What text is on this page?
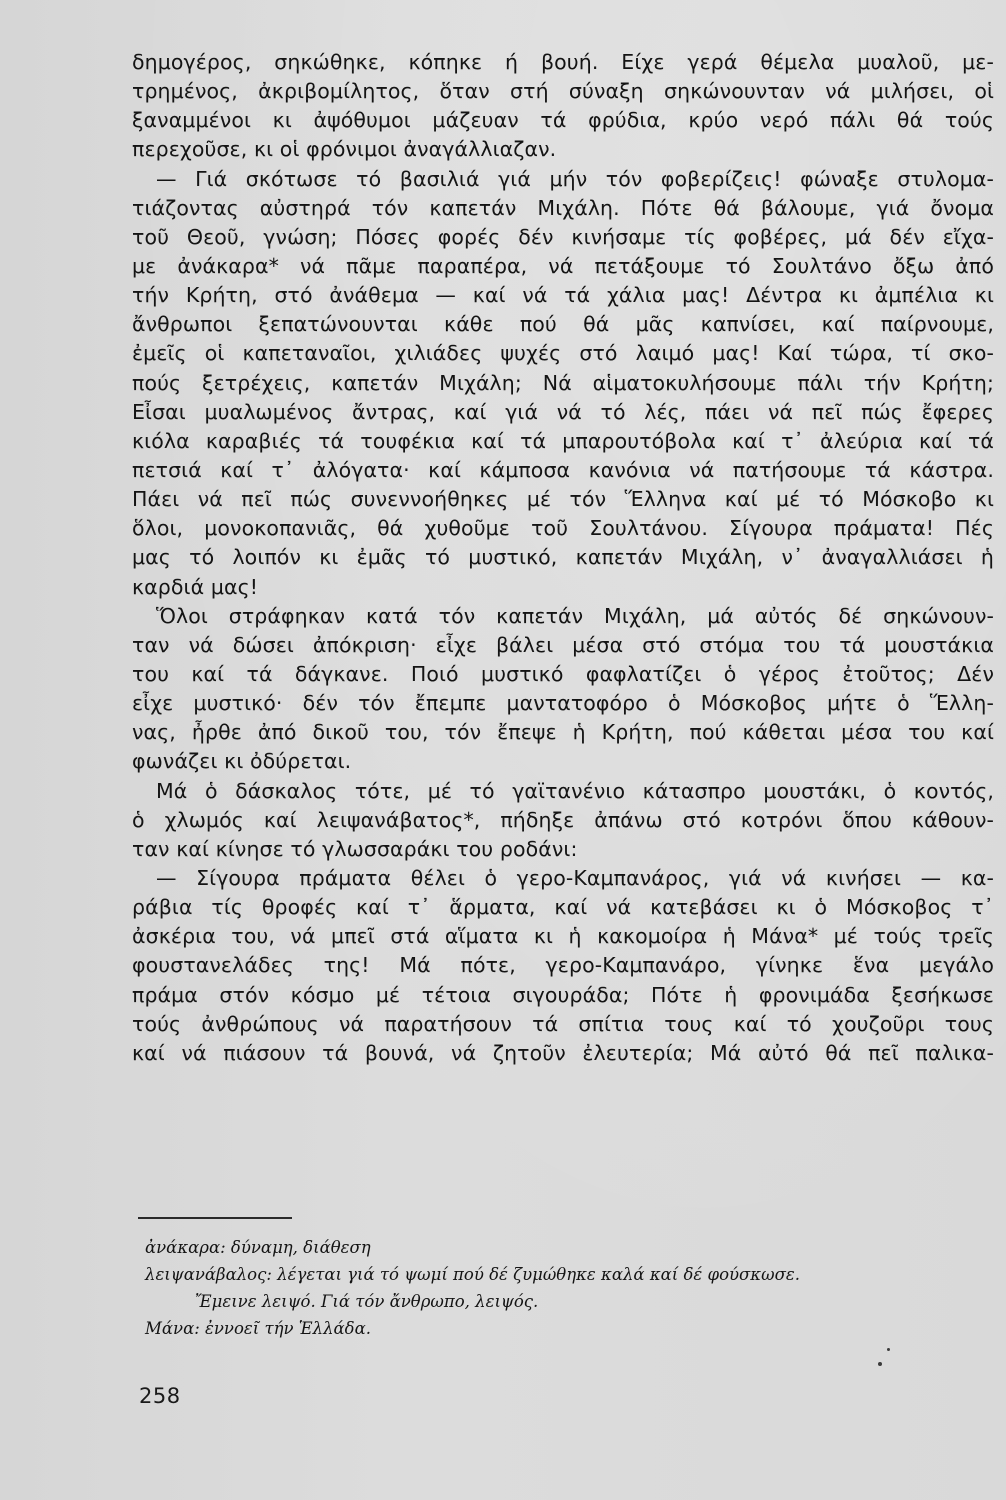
δημογέρος, σηκώθηκε, κόπηκε ή βουή. Είχε γερά θέμελα μυαλοῦ, με-
τρημένος, ἀκριβομίλητος, ὅταν στή σύναξη σηκώνουνταν νά μιλήσει, οἱ
ξαναμμένοι κι ἀψόθυμοι μάζευαν τά φρύδια, κρύο νερό πάλι θά τούς
περεχοῦσε, κι οἱ φρόνιμοι ἀναγάλλιαζαν.
— Γιά σκότωσε τό βασιλιά γιά μήν τόν φοβερίζεις! φώναξε στυλομα-
τιάζοντας αὐστηρά τόν καπετάν Μιχάλη. Πότε θά βάλουμε, γιά ὄνομα
τοῦ Θεοῦ, γνώση; Πόσες φορές δέν κινήσαμε τίς φοβέρες, μά δέν εἴχα-
με ἀνάκαρα* νά πᾶμε παραπέρα, νά πετάξουμε τό Σουλτάνο ὄξω ἀπό
τήν Κρήτη, στό ἀνάθεμα — καί νά τά χάλια μας! Δέντρα κι ἀμπέλια κι
ἄνθρωποι ξεπατώνουνται κάθε πού θά μᾶς καπνίσει, καί παίρνουμε,
ἐμεῖς οἱ καπεταναῖοι, χιλιάδες ψυχές στό λαιμό μας! Καί τώρα, τί σκο-
πούς ξετρέχεις, καπετάν Μιχάλη; Νά αἱματοκυλήσουμε πάλι τήν Κρήτη;
Εἶσαι μυαλωμένος ἄντρας, καί γιά νά τό λές, πάει νά πεῖ πώς ἔφερες
κιόλα καραβιές τά τουφέκια καί τά μπαρουτόβολα καί τ᾽ ἀλεύρια καί τά
πετσιά καί τ᾽ ἀλόγατα· καί κάμποσα κανόνια νά πατήσουμε τά κάστρα.
Πάει νά πεῖ πώς συνεννοήθηκες μέ τόν Ἕλληνα καί μέ τό Μόσκοβο κι
ὅλοι, μονοκοπανιᾶς, θά χυθοῦμε τοῦ Σουλτάνου. Σίγουρα πράματα! Πές
μας τό λοιπόν κι ἐμᾶς τό μυστικό, καπετάν Μιχάλη, ν᾽ ἀναγαλλιάσει ἡ
καρδιά μας!
Ὅλοι στράφηκαν κατά τόν καπετάν Μιχάλη, μά αὐτός δέ σηκώνουν-
ταν νά δώσει ἀπόκριση· εἶχε βάλει μέσα στό στόμα του τά μουστάκια
του καί τά δάγκανε. Ποιό μυστικό φαφλατίζει ὁ γέρος ἐτοῦτος; Δέν
εἶχε μυστικό· δέν τόν ἔπεμπε μαντατοφόρο ὁ Μόσκοβος μήτε ὁ Ἕλλη-
νας, ἦρθε ἀπό δικοῦ του, τόν ἔπεψε ἡ Κρήτη, πού κάθεται μέσα του καί
φωνάζει κι ὀδύρεται.
Μά ὁ δάσκαλος τότε, μέ τό γαϊτανένιο κάτασπρο μουστάκι, ὁ κοντός,
ὁ χλωμός καί λειψανάβατος*, πήδηξε ἀπάνω στό κοτρόνι ὅπου κάθουν-
ταν καί κίνησε τό γλωσσαράκι του ροδάνι:
— Σίγουρα πράματα θέλει ὁ γερο-Καμπανάρος, γιά νά κινήσει — κα-
ράβια τίς θροφές καί τ᾽ ἅρματα, καί νά κατεβάσει κι ὁ Μόσκοβος τ᾽
ἀσκέρια του, νά μπεῖ στά αἵματα κι ἡ κακομοίρα ἡ Μάνα* μέ τούς τρεῖς
φουστανελάδες της! Μά πότε, γερο-Καμπανάρο, γίνηκε ἕνα μεγάλο
πράμα στόν κόσμο μέ τέτοια σιγουράδα; Πότε ἡ φρονιμάδα ξεσήκωσε
τούς ἀνθρώπους νά παρατήσουν τά σπίτια τους καί τό χουζοῦρι τους
καί νά πιάσουν τά βουνά, νά ζητοῦν ἐλευτερία; Μά αὐτό θά πεῖ παλικα-
ἀνάκαρα: δύναμη, διάθεση
λειψανάβαλος: λέγεται γιά τό ψωμί πού δέ ζυμώθηκε καλά καί δέ φούσκωσε.
Ἔμεινε λειψό. Γιά τόν ἄνθρωπο, λειψός.
Μάνα: ἐννοεῖ τήν Ἑλλάδα.
258
